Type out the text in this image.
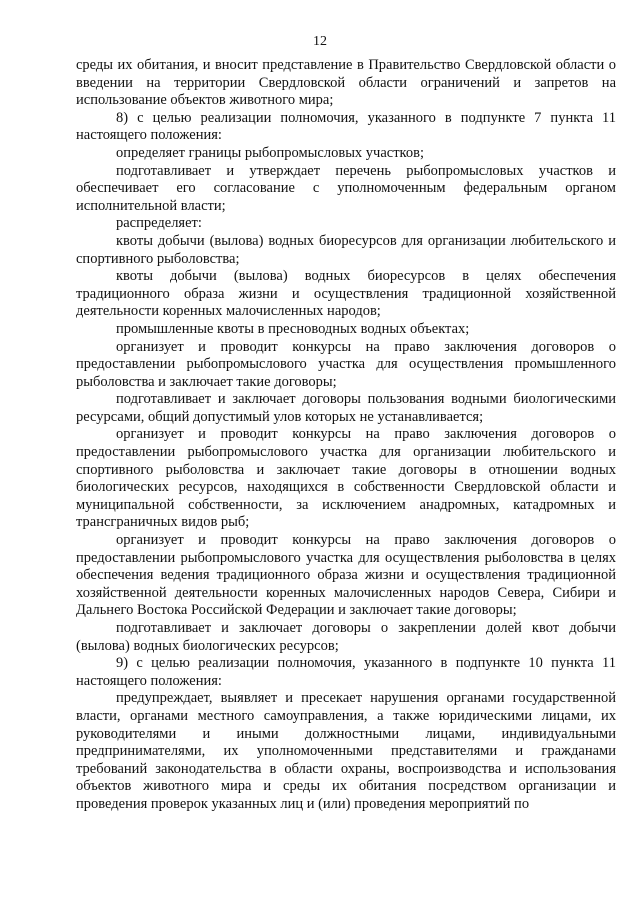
12

среды их обитания, и вносит представление в Правительство Свердловской области о введении на территории Свердловской области ограничений и запретов на использование объектов животного мира;

8) с целью реализации полномочия, указанного в подпункте 7 пункта 11 настоящего положения:

определяет границы рыбопромысловых участков;

подготавливает и утверждает перечень рыбопромысловых участков и обеспечивает его согласование с уполномоченным федеральным органом исполнительной власти;

распределяет:

квоты добычи (вылова) водных биоресурсов для организации любительского и спортивного рыболовства;

квоты добычи (вылова) водных биоресурсов в целях обеспечения традиционного образа жизни и осуществления традиционной хозяйственной деятельности коренных малочисленных народов;

промышленные квоты в пресноводных водных объектах;

организует и проводит конкурсы на право заключения договоров о предоставлении рыбопромыслового участка для осуществления промышленного рыболовства и заключает такие договоры;

подготавливает и заключает договоры пользования водными биологическими ресурсами, общий допустимый улов которых не устанавливается;

организует и проводит конкурсы на право заключения договоров о предоставлении рыбопромыслового участка для организации любительского и спортивного рыболовства и заключает такие договоры в отношении водных биологических ресурсов, находящихся в собственности Свердловской области и муниципальной собственности, за исключением анадромных, катадромных и трансграничных видов рыб;

организует и проводит конкурсы на право заключения договоров о предоставлении рыбопромыслового участка для осуществления рыболовства в целях обеспечения ведения традиционного образа жизни и осуществления традиционной хозяйственной деятельности коренных малочисленных народов Севера, Сибири и Дальнего Востока Российской Федерации и заключает такие договоры;

подготавливает и заключает договоры о закреплении долей квот добычи (вылова) водных биологических ресурсов;

9) с целью реализации полномочия, указанного в подпункте 10 пункта 11 настоящего положения:

предупреждает, выявляет и пресекает нарушения органами государственной власти, органами местного самоуправления, а также юридическими лицами, их руководителями и иными должностными лицами, индивидуальными предпринимателями, их уполномоченными представителями и гражданами требований законодательства в области охраны, воспроизводства и использования объектов животного мира и среды их обитания посредством организации и проведения проверок указанных лиц и (или) проведения мероприятий по
